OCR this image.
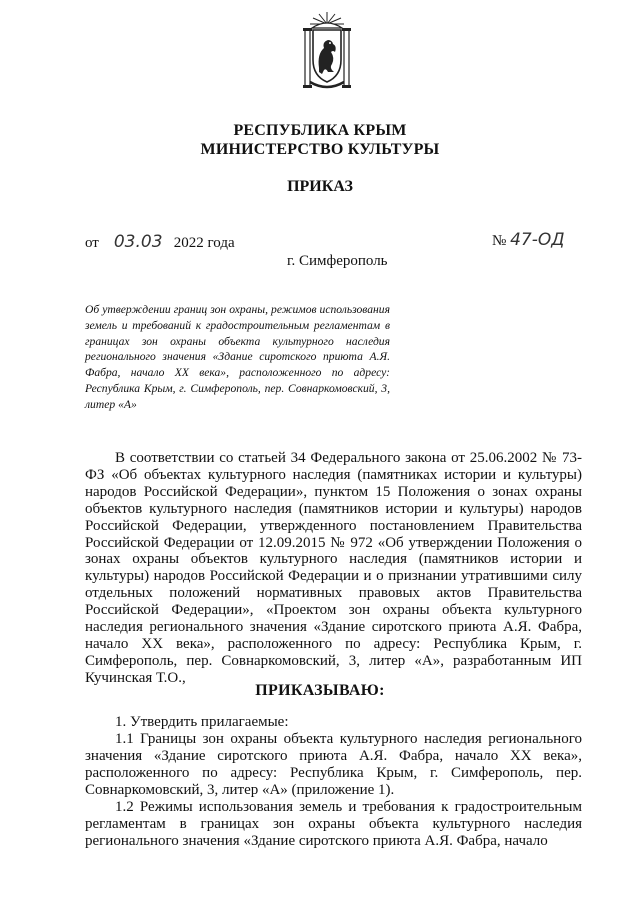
РЕСПУБЛИКА КРЫМ
МИНИСТЕРСТВО КУЛЬТУРЫ
ПРИКАЗ
от 03.03 2022 года	№ 47-ОД
г. Симферополь
Об утверждении границ зон охраны, режимов использования земель и требований к градостроительным регламентам в границах зон охраны объекта культурного наследия регионального значения «Здание сиротского приюта А.Я. Фабра, начало XX века», расположенного по адресу: Республика Крым, г. Симферополь, пер. Совнаркомовский, 3, литер «А»

В соответствии со статьей 34 Федерального закона от 25.06.2002 № 73-ФЗ «Об объектах культурного наследия (памятниках истории и культуры) народов Российской Федерации», пунктом 15 Положения о зонах охраны объектов культурного наследия (памятников истории и культуры) народов Российской Федерации, утвержденного постановлением Правительства Российской Федерации от 12.09.2015 № 972 «Об утверждении Положения о зонах охраны объектов культурного наследия (памятников истории и культуры) народов Российской Федерации и о признании утратившими силу отдельных положений нормативных правовых актов Правительства Российской Федерации», «Проектом зон охраны объекта культурного наследия регионального значения «Здание сиротского приюта А.Я. Фабра, начало XX века», расположенного по адресу: Республика Крым, г. Симферополь, пер. Совнаркомовский, 3, литер «А», разработанным ИП Кучинская Т.О.,

ПРИКАЗЫВАЮ:

1. Утвердить прилагаемые:

1.1 Границы зон охраны объекта культурного наследия регионального значения «Здание сиротского приюта А.Я. Фабра, начало XX века», расположенного по адресу: Республика Крым, г. Симферополь, пер. Совнаркомовский, 3, литер «А» (приложение 1).

1.2 Режимы использования земель и требования к градостроительным регламентам в границах зон охраны объекта культурного наследия регионального значения «Здание сиротского приюта А.Я. Фабра, начало
